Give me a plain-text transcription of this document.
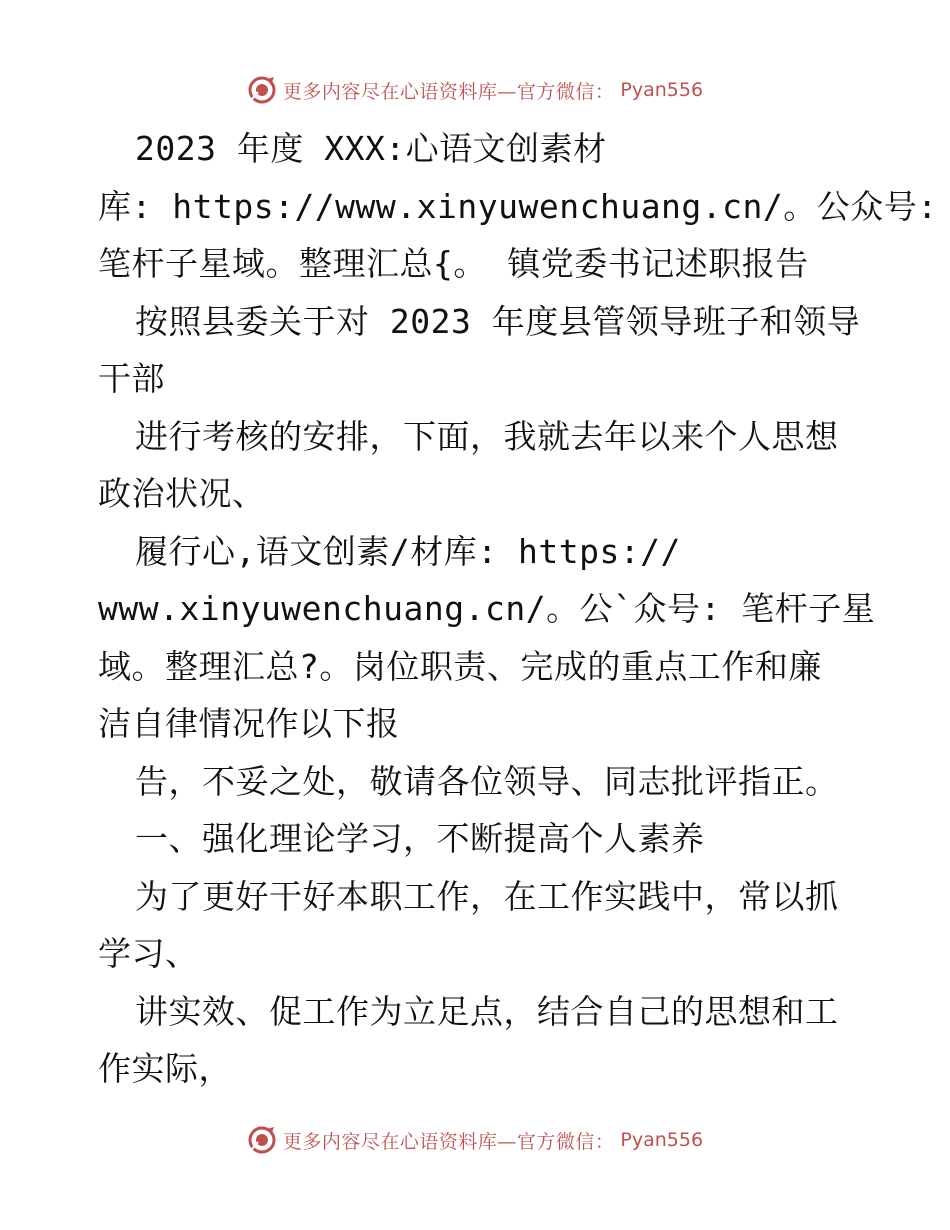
更多内容尽在心语资料库—官方微信： Pyan556
2023 年度 XXX:心语文创素材
库: https://www.xinyuwenchuang.cn/。公众号:
笔杆子星域。整理汇总{。 镇党委书记述职报告
按照县委关于对 2023 年度县管领导班子和领导
干部
进行考核的安排，下面，我就去年以来个人思想
政治状况、
履行心,语文创素/材库: https://
www.xinyuwenchuang.cn/。公`众号: 笔杆子星
域。整理汇总?。岗位职责、完成的重点工作和廉
洁自律情况作以下报
告，不妥之处，敬请各位领导、同志批评指正。
一、强化理论学习，不断提高个人素养
为了更好干好本职工作，在工作实践中，常以抓
学习、
讲实效、促工作为立足点，结合自己的思想和工
作实际，
更多内容尽在心语资料库—官方微信： Pyan556
